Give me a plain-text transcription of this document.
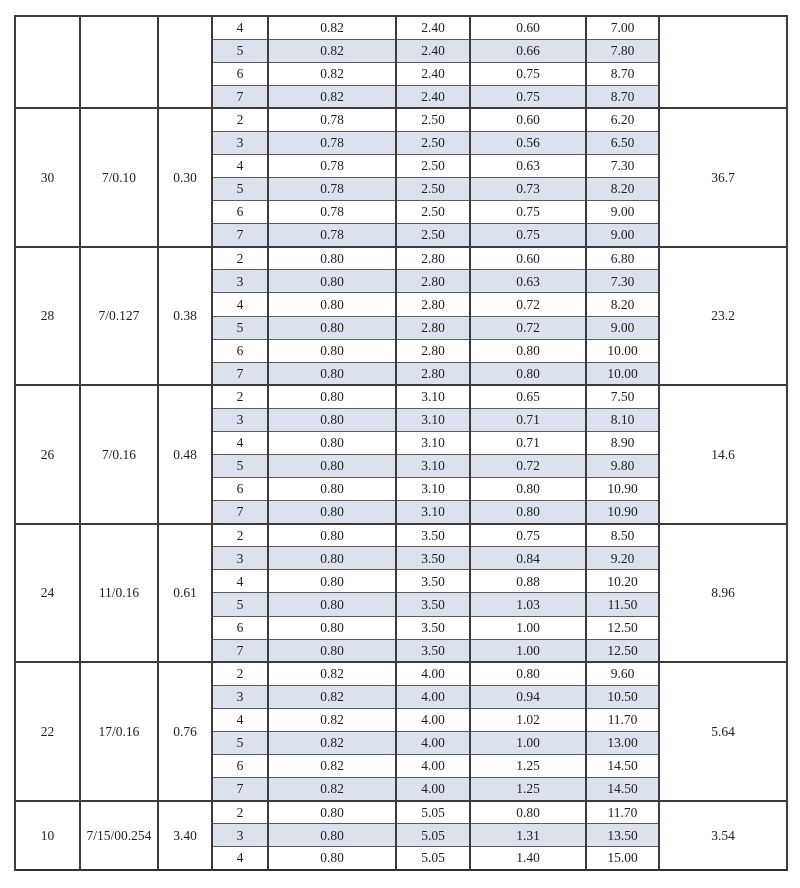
			4	0.82	2.40	0.60	7.00	
			5	0.82	2.40	0.66	7.80	
			6	0.82	2.40	0.75	8.70	
			7	0.82	2.40	0.75	8.70	
30	7/0.10	0.30	2	0.78	2.50	0.60	6.20	36.7
			3	0.78	2.50	0.56	6.50	
			4	0.78	2.50	0.63	7.30	
			5	0.78	2.50	0.73	8.20	
			6	0.78	2.50	0.75	9.00	
			7	0.78	2.50	0.75	9.00	
28	7/0.127	0.38	2	0.80	2.80	0.60	6.80	23.2
			3	0.80	2.80	0.63	7.30	
			4	0.80	2.80	0.72	8.20	
			5	0.80	2.80	0.72	9.00	
			6	0.80	2.80	0.80	10.00	
			7	0.80	2.80	0.80	10.00	
26	7/0.16	0.48	2	0.80	3.10	0.65	7.50	14.6
			3	0.80	3.10	0.71	8.10	
			4	0.80	3.10	0.71	8.90	
			5	0.80	3.10	0.72	9.80	
			6	0.80	3.10	0.80	10.90	
			7	0.80	3.10	0.80	10.90	
24	11/0.16	0.61	2	0.80	3.50	0.75	8.50	8.96
			3	0.80	3.50	0.84	9.20	
			4	0.80	3.50	0.88	10.20	
			5	0.80	3.50	1.03	11.50	
			6	0.80	3.50	1.00	12.50	
			7	0.80	3.50	1.00	12.50	
22	17/0.16	0.76	2	0.82	4.00	0.80	9.60	5.64
			3	0.82	4.00	0.94	10.50	
			4	0.82	4.00	1.02	11.70	
			5	0.82	4.00	1.00	13.00	
			6	0.82	4.00	1.25	14.50	
			7	0.82	4.00	1.25	14.50	
10	7/15/00.254	3.40	2	0.80	5.05	0.80	11.70	3.54
			3	0.80	5.05	1.31	13.50	
			4	0.80	5.05	1.40	15.00	
